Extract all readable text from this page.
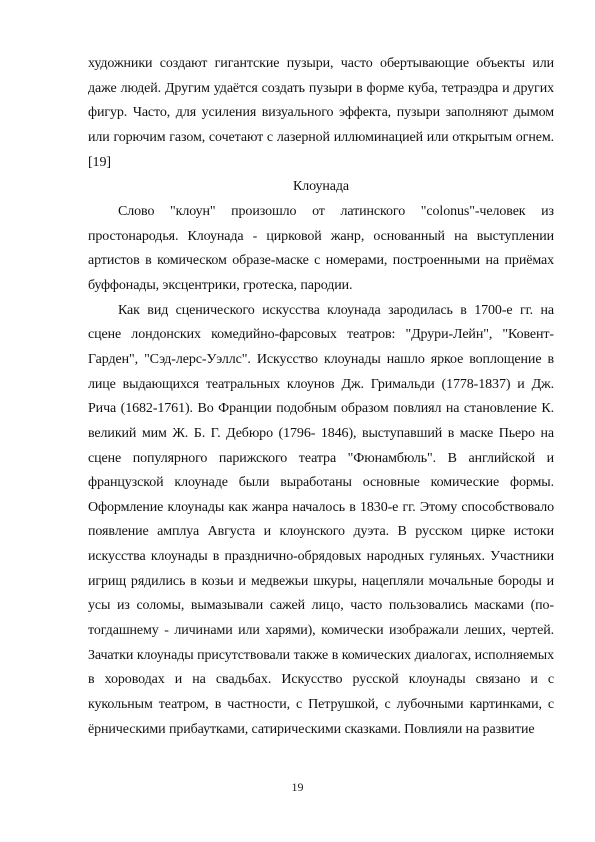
художники создают гигантские пузыри, часто обертывающие объекты или даже людей. Другим удаётся создать пузыри в форме куба, тетраэдра и других фигур. Часто, для усиления визуального эффекта, пузыри заполняют дымом или горючим газом, сочетают с лазерной иллюминацией или открытым огнем.[19]

Клоунада

Слово "клоун" произошло от латинского "colonus"-человек из простонародья. Клоунада - цирковой жанр, основанный на выступлении артистов в комическом образе-маске с номерами, построенными на приёмах буффонады, эксцентрики, гротеска, пародии.

Как вид сценического искусства клоунада зародилась в 1700-е гг. на сцене лондонских комедийно-фарсовых театров: "Друри-Лейн", "Ковент-Гарден", "Сэд-лерс-Уэллс". Искусство клоунады нашло яркое воплощение в лице выдающихся театральных клоунов Дж. Гримальди (1778-1837) и Дж. Рича (1682-1761). Во Франции подобным образом повлиял на становление К. великий мим Ж. Б. Г. Дебюро (1796- 1846), выступавший в маске Пьеро на сцене популярного парижского театра "Фюнамбюль". В английской и французской клоунаде были выработаны основные комические формы. Оформление клоунады как жанра началось в 1830-е гг. Этому способствовало появление амплуа Августа и клоунского дуэта. В русском цирке истоки искусства клоунады в празднично-обрядовых народных гуляньях. Участники игрищ рядились в козьи и медвежьи шкуры, нацепляли мочальные бороды и усы из соломы, вымазывали сажей лицо, часто пользовались масками (по-тогдашнему - личинами или харями), комически изображали леших, чертей. Зачатки клоунады присутствовали также в комических диалогах, исполняемых в хороводах и на свадьбах. Искусство русской клоунады связано и с кукольным театром, в частности, с Петрушкой, с лубочными картинками, с ёрническими прибаутками, сатирическими сказками. Повлияли на развитие

19
